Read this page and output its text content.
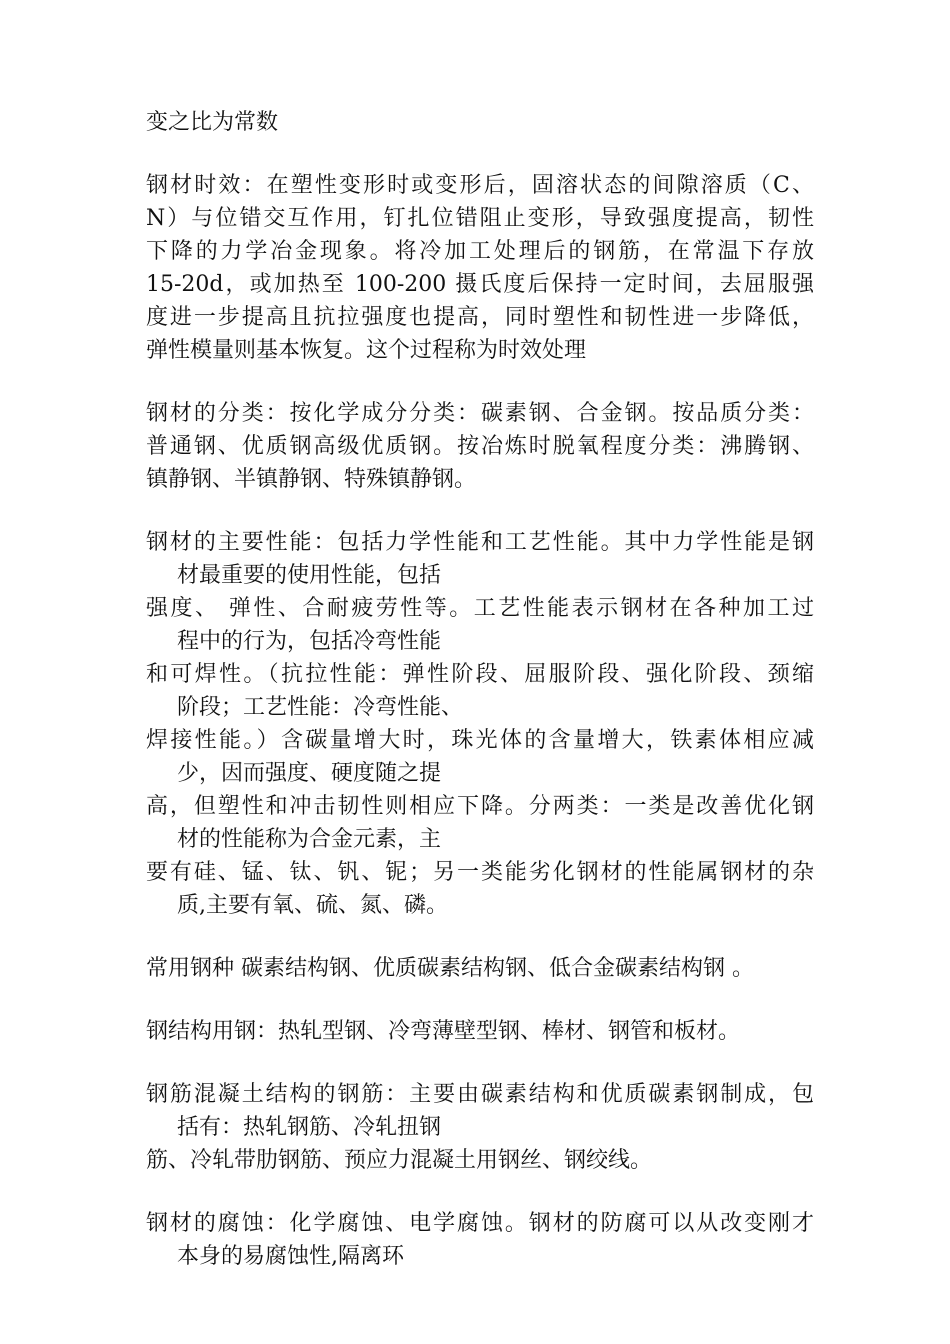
变之比为常数
钢材时效：在塑性变形时或变形后，固溶状态的间隙溶质（C、
N）与位错交互作用，钉扎位错阻止变形，导致强度提高，韧性
下降的力学冶金现象。将冷加工处理后的钢筋，在常温下存放
15-20d，或加热至 100-200 摄氏度后保持一定时间，去屈服强
度进一步提高且抗拉强度也提高，同时塑性和韧性进一步降低，
弹性模量则基本恢复。这个过程称为时效处理
钢材的分类：按化学成分分类：碳素钢、合金钢。按品质分类：
普通钢、优质钢高级优质钢。按冶炼时脱氧程度分类：沸腾钢、
镇静钢、半镇静钢、特殊镇静钢。
钢材的主要性能：包括力学性能和工艺性能。其中力学性能是钢
材最重要的使用性能，包括
强度、 弹性、合耐疲劳性等。工艺性能表示钢材在各种加工过
程中的行为，包括冷弯性能
和可焊性。（抗拉性能：弹性阶段、屈服阶段、强化阶段、颈缩
阶段；工艺性能：冷弯性能、
焊接性能。）含碳量增大时，珠光体的含量增大，铁素体相应减
少，因而强度、硬度随之提
高，但塑性和冲击韧性则相应下降。分两类：一类是改善优化钢
材的性能称为合金元素，主
要有硅、锰、钛、钒、铌；另一类能劣化钢材的性能属钢材的杂
质,主要有氧、硫、氮、磷。
常用钢种 碳素结构钢、优质碳素结构钢、低合金碳素结构钢 。
钢结构用钢：热轧型钢、冷弯薄壁型钢、棒材、钢管和板材。
钢筋混凝土结构的钢筋：主要由碳素结构和优质碳素钢制成，包
括有：热轧钢筋、冷轧扭钢
筋、冷轧带肋钢筋、预应力混凝土用钢丝、钢绞线。
钢材的腐蚀：化学腐蚀、电学腐蚀。钢材的防腐可以从改变刚才
本身的易腐蚀性,隔离环
